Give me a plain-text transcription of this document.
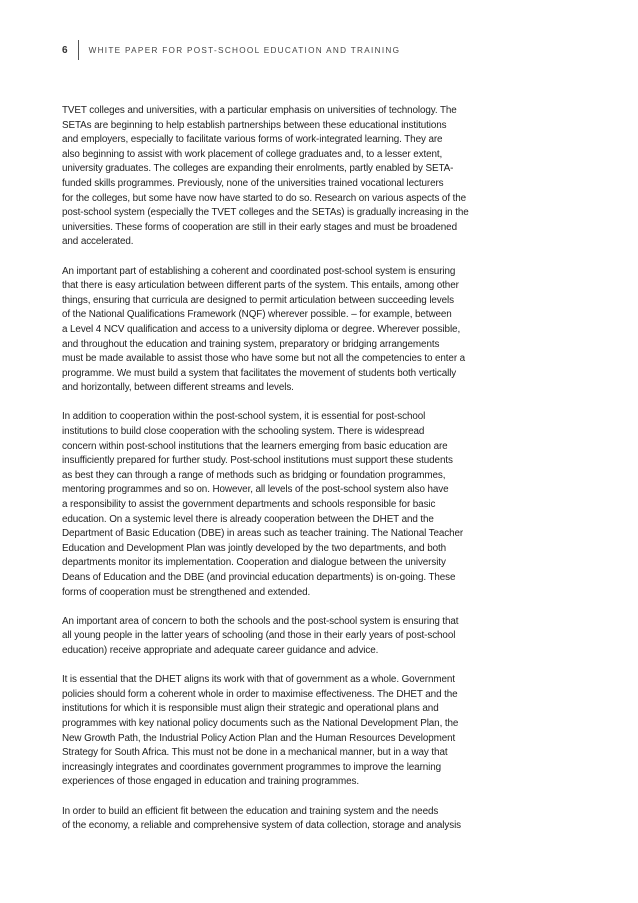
6	WHITE PAPER FOR POST-SCHOOL EDUCATION AND TRAINING

TVET colleges and universities, with a particular emphasis on universities of technology. The
SETAs are beginning to help establish partnerships between these educational institutions
and employers, especially to facilitate various forms of work-integrated learning. They are
also beginning to assist with work placement of college graduates and, to a lesser extent,
university graduates. The colleges are expanding their enrolments, partly enabled by SETA-
funded skills programmes. Previously, none of the universities trained vocational lecturers
for the colleges, but some have now have started to do so. Research on various aspects of the
post-school system (especially the TVET colleges and the SETAs) is gradually increasing in the
universities. These forms of cooperation are still in their early stages and must be broadened
and accelerated.

An important part of establishing a coherent and coordinated post-school system is ensuring
that there is easy articulation between different parts of the system. This entails, among other
things, ensuring that curricula are designed to permit articulation between succeeding levels
of the National Qualifications Framework (NQF) wherever possible. – for example, between
a Level 4 NCV qualification and access to a university diploma or degree. Wherever possible,
and throughout the education and training system, preparatory or bridging arrangements
must be made available to assist those who have some but not all the competencies to enter a
programme. We must build a system that facilitates the movement of students both vertically
and horizontally, between different streams and levels.

In addition to cooperation within the post-school system, it is essential for post-school
institutions to build close cooperation with the schooling system. There is widespread
concern within post-school institutions that the learners emerging from basic education are
insufficiently prepared for further study. Post-school institutions must support these students
as best they can through a range of methods such as bridging or foundation programmes,
mentoring programmes and so on. However, all levels of the post-school system also have
a responsibility to assist the government departments and schools responsible for basic
education. On a systemic level there is already cooperation between the DHET and the
Department of Basic Education (DBE) in areas such as teacher training. The National Teacher
Education and Development Plan was jointly developed by the two departments, and both
departments monitor its implementation. Cooperation and dialogue between the university
Deans of Education and the DBE (and provincial education departments) is on-going. These
forms of cooperation must be strengthened and extended.

An important area of concern to both the schools and the post-school system is ensuring that
all young people in the latter years of schooling (and those in their early years of post-school
education) receive appropriate and adequate career guidance and advice.

It is essential that the DHET aligns its work with that of government as a whole. Government
policies should form a coherent whole in order to maximise effectiveness. The DHET and the
institutions for which it is responsible must align their strategic and operational plans and
programmes with key national policy documents such as the National Development Plan, the
New Growth Path, the Industrial Policy Action Plan and the Human Resources Development
Strategy for South Africa. This must not be done in a mechanical manner, but in a way that
increasingly integrates and coordinates government programmes to improve the learning
experiences of those engaged in education and training programmes.

In order to build an efficient fit between the education and training system and the needs
of the economy, a reliable and comprehensive system of data collection, storage and analysis
